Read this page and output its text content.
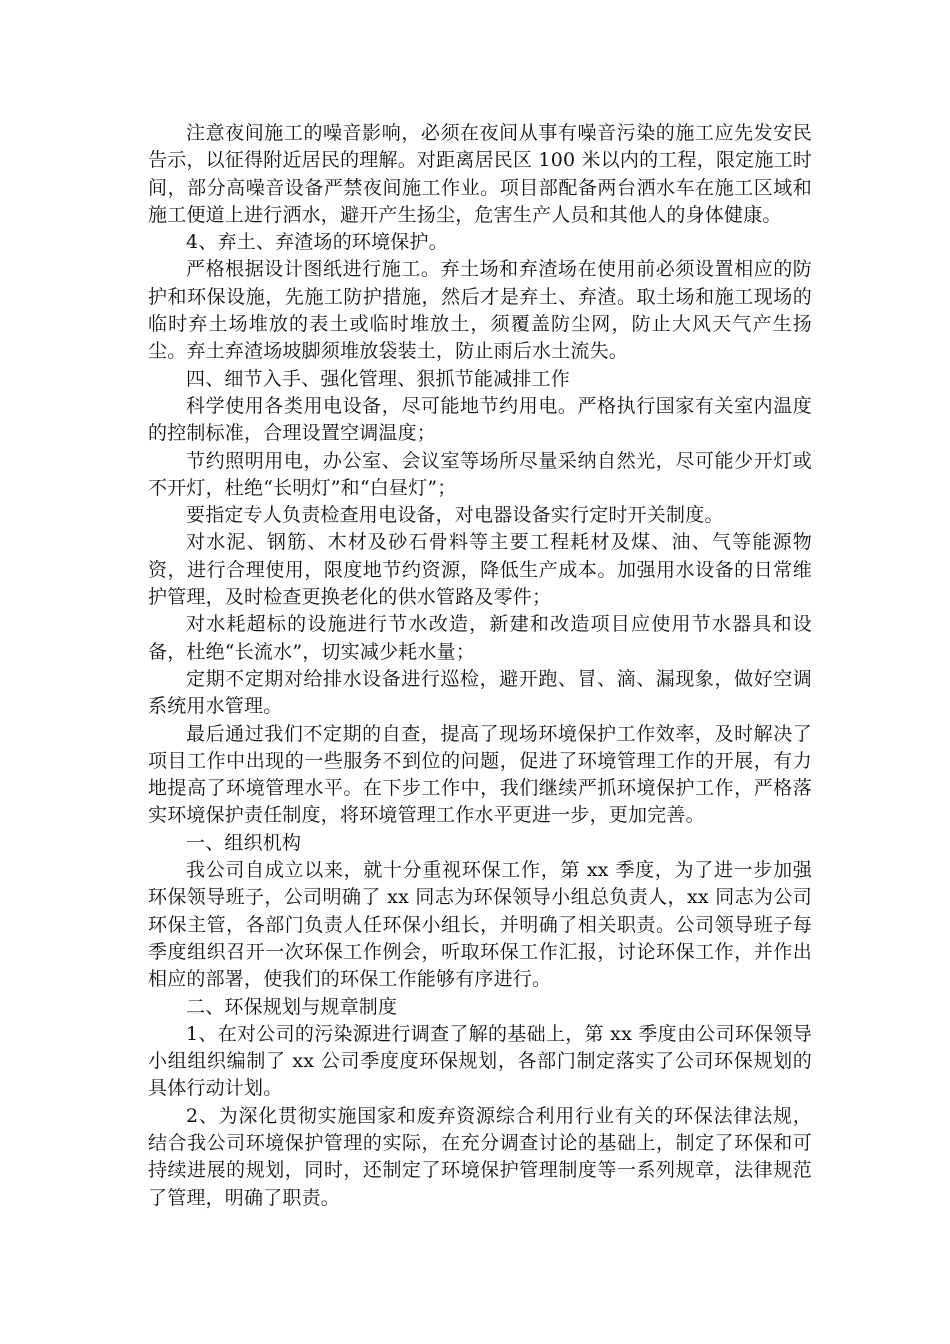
注意夜间施工的噪音影响，必须在夜间从事有噪音污染的施工应先发安民告示，以征得附近居民的理解。对距离居民区 100 米以内的工程，限定施工时间，部分高噪音设备严禁夜间施工作业。项目部配备两台洒水车在施工区域和施工便道上进行洒水，避开产生扬尘，危害生产人员和其他人的身体健康。

4、弃土、弃渣场的环境保护。

严格根据设计图纸进行施工。弃土场和弃渣场在使用前必须设置相应的防护和环保设施，先施工防护措施，然后才是弃土、弃渣。取土场和施工现场的临时弃土场堆放的表土或临时堆放土，须覆盖防尘网，防止大风天气产生扬尘。弃土弃渣场坡脚须堆放袋装土，防止雨后水土流失。

四、细节入手、强化管理、狠抓节能减排工作

科学使用各类用电设备，尽可能地节约用电。严格执行国家有关室内温度的控制标准，合理设置空调温度；

节约照明用电，办公室、会议室等场所尽量采纳自然光，尽可能少开灯或不开灯，杜绝“长明灯”和“白昼灯”；

要指定专人负责检查用电设备，对电器设备实行定时开关制度。

对水泥、钢筋、木材及砂石骨料等主要工程耗材及煤、油、气等能源物资，进行合理使用，限度地节约资源，降低生产成本。加强用水设备的日常维护管理，及时检查更换老化的供水管路及零件；

对水耗超标的设施进行节水改造，新建和改造项目应使用节水器具和设备，杜绝“长流水”，切实减少耗水量；

定期不定期对给排水设备进行巡检，避开跑、冒、滴、漏现象，做好空调系统用水管理。

最后通过我们不定期的自查，提高了现场环境保护工作效率，及时解决了项目工作中出现的一些服务不到位的问题，促进了环境管理工作的开展，有力地提高了环境管理水平。在下步工作中，我们继续严抓环境保护工作，严格落实环境保护责任制度，将环境管理工作水平更进一步，更加完善。

一、组织机构

我公司自成立以来，就十分重视环保工作，第 xx 季度，为了进一步加强环保领导班子，公司明确了 xx 同志为环保领导小组总负责人，xx 同志为公司环保主管，各部门负责人任环保小组长，并明确了相关职责。公司领导班子每季度组织召开一次环保工作例会，听取环保工作汇报，讨论环保工作，并作出相应的部署，使我们的环保工作能够有序进行。

二、环保规划与规章制度

1、在对公司的污染源进行调查了解的基础上，第 xx 季度由公司环保领导小组组织编制了 xx 公司季度度环保规划，各部门制定落实了公司环保规划的具体行动计划。

2、为深化贯彻实施国家和废弃资源综合利用行业有关的环保法律法规，结合我公司环境保护管理的实际，在充分调查讨论的基础上，制定了环保和可持续进展的规划，同时，还制定了环境保护管理制度等一系列规章，法律规范了管理，明确了职责。
